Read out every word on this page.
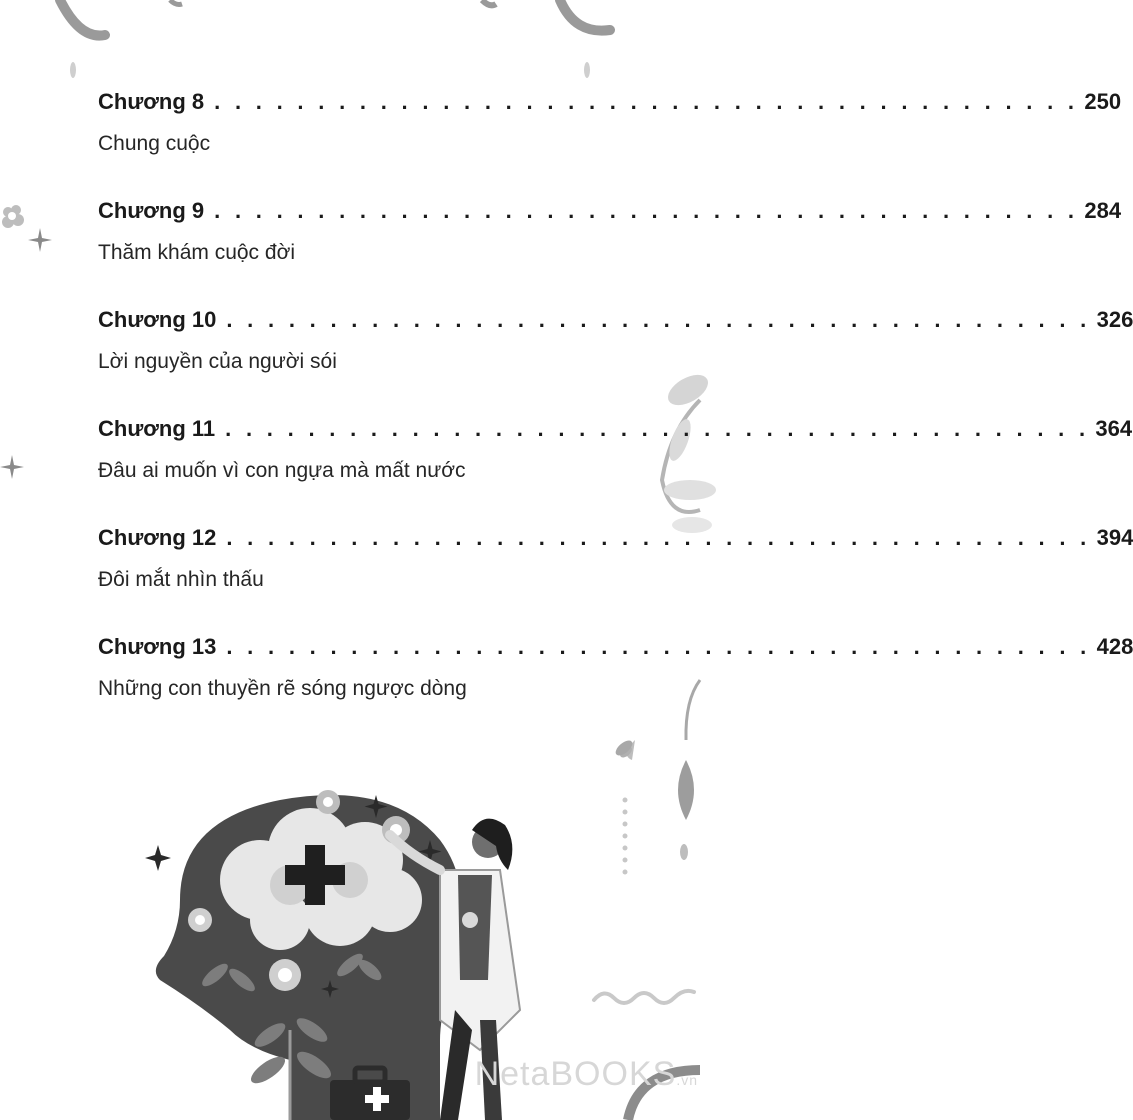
Chương 8 . . . . . . . . . . . . . . . . . . . . . . . . . . . . . . . . . . . . . . . . . . 250
Chung cuộc
Chương 9 . . . . . . . . . . . . . . . . . . . . . . . . . . . . . . . . . . . . . . . . . . 284
Thăm khám cuộc đời
Chương 10 . . . . . . . . . . . . . . . . . . . . . . . . . . . . . . . . . . . . . . . . . . 326
Lời nguyền của người sói
Chương 11 . . . . . . . . . . . . . . . . . . . . . . . . . . . . . . . . . . . . . . . . . . 364
Đâu ai muốn vì con ngựa mà mất nước
Chương 12 . . . . . . . . . . . . . . . . . . . . . . . . . . . . . . . . . . . . . . . . . . 394
Đôi mắt nhìn thấu
Chương 13 . . . . . . . . . . . . . . . . . . . . . . . . . . . . . . . . . . . . . . . . . . 428
Những con thuyền rẽ sóng ngược dòng
NetaBOOKS.vn
